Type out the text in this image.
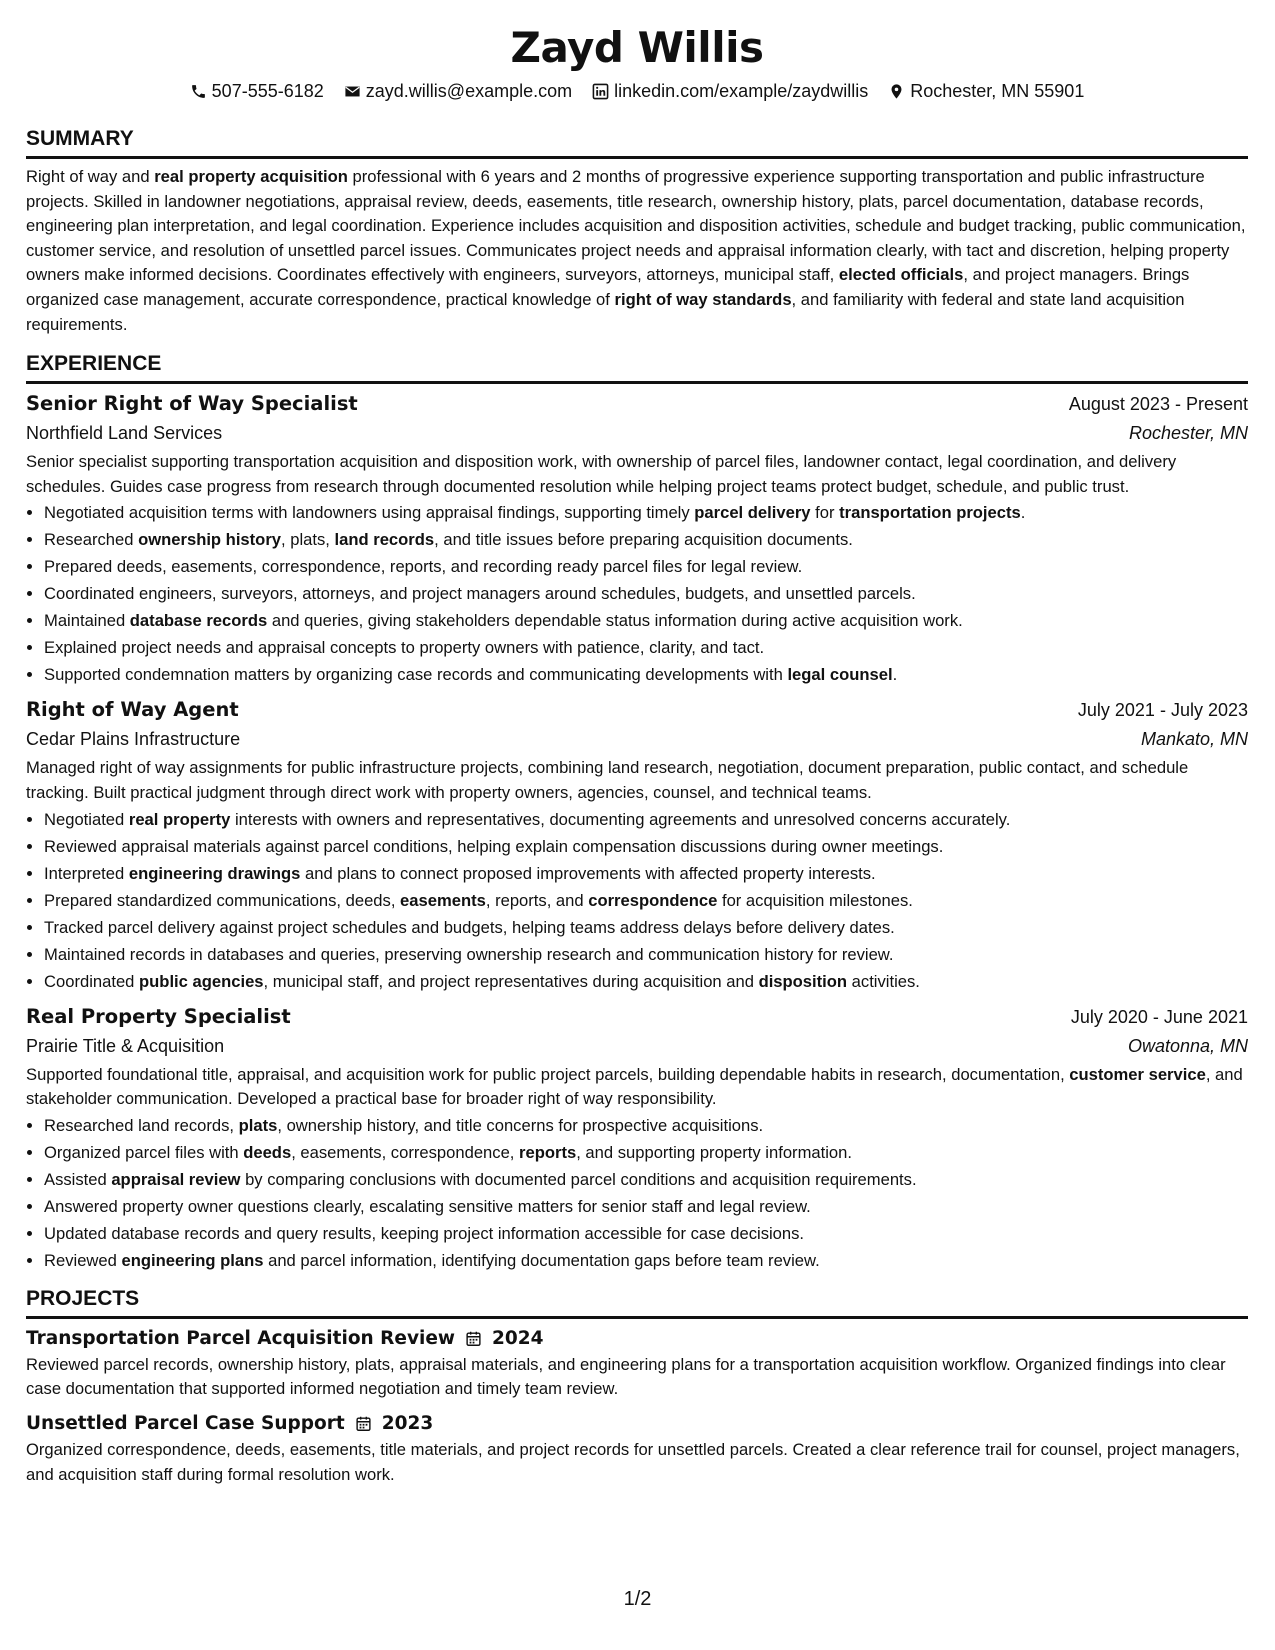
Zayd Willis
507-555-6182 zayd.willis@example.com linkedin.com/example/zaydwillis Rochester, MN 55901
SUMMARY

Right of way and real property acquisition professional with 6 years and 2 months of progressive experience supporting transportation and public infrastructure projects. Skilled in landowner negotiations, appraisal review, deeds, easements, title research, ownership history, plats, parcel documentation, database records, engineering plan interpretation, and legal coordination. Experience includes acquisition and disposition activities, schedule and budget tracking, public communication, customer service, and resolution of unsettled parcel issues. Communicates project needs and appraisal information clearly, with tact and discretion, helping property owners make informed decisions. Coordinates effectively with engineers, surveyors, attorneys, municipal staff, elected officials, and project managers. Brings organized case management, accurate correspondence, practical knowledge of right of way standards, and familiarity with federal and state land acquisition requirements.

EXPERIENCE
Senior Right of Way Specialist	August 2023 - Present
Northfield Land Services	Rochester, MN

Senior specialist supporting transportation acquisition and disposition work, with ownership of parcel files, landowner contact, legal coordination, and delivery schedules. Guides case progress from research through documented resolution while helping project teams protect budget, schedule, and public trust.

• Negotiated acquisition terms with landowners using appraisal findings, supporting timely parcel delivery for transportation projects.
• Researched ownership history, plats, land records, and title issues before preparing acquisition documents.
• Prepared deeds, easements, correspondence, reports, and recording ready parcel files for legal review.
• Coordinated engineers, surveyors, attorneys, and project managers around schedules, budgets, and unsettled parcels.
• Maintained database records and queries, giving stakeholders dependable status information during active acquisition work.
• Explained project needs and appraisal concepts to property owners with patience, clarity, and tact.
• Supported condemnation matters by organizing case records and communicating developments with legal counsel.
Right of Way Agent	July 2021 - July 2023
Cedar Plains Infrastructure	Mankato, MN

Managed right of way assignments for public infrastructure projects, combining land research, negotiation, document preparation, public contact, and schedule tracking. Built practical judgment through direct work with property owners, agencies, counsel, and technical teams.

• Negotiated real property interests with owners and representatives, documenting agreements and unresolved concerns accurately.
• Reviewed appraisal materials against parcel conditions, helping explain compensation discussions during owner meetings.
• Interpreted engineering drawings and plans to connect proposed improvements with affected property interests.
• Prepared standardized communications, deeds, easements, reports, and correspondence for acquisition milestones.
• Tracked parcel delivery against project schedules and budgets, helping teams address delays before delivery dates.
• Maintained records in databases and queries, preserving ownership research and communication history for review.
• Coordinated public agencies, municipal staff, and project representatives during acquisition and disposition activities.
Real Property Specialist	July 2020 - June 2021
Prairie Title & Acquisition	Owatonna, MN

Supported foundational title, appraisal, and acquisition work for public project parcels, building dependable habits in research, documentation, customer service, and stakeholder communication. Developed a practical base for broader right of way responsibility.

• Researched land records, plats, ownership history, and title concerns for prospective acquisitions.
• Organized parcel files with deeds, easements, correspondence, reports, and supporting property information.
• Assisted appraisal review by comparing conclusions with documented parcel conditions and acquisition requirements.
• Answered property owner questions clearly, escalating sensitive matters for senior staff and legal review.
• Updated database records and query results, keeping project information accessible for case decisions.
• Reviewed engineering plans and parcel information, identifying documentation gaps before team review.
PROJECTS
Transportation Parcel Acquisition Review 2024

Reviewed parcel records, ownership history, plats, appraisal materials, and engineering plans for a transportation acquisition workflow. Organized findings into clear case documentation that supported informed negotiation and timely team review.

Unsettled Parcel Case Support 2023

Organized correspondence, deeds, easements, title materials, and project records for unsettled parcels. Created a clear reference trail for counsel, project managers, and acquisition staff during formal resolution work.

1/2
